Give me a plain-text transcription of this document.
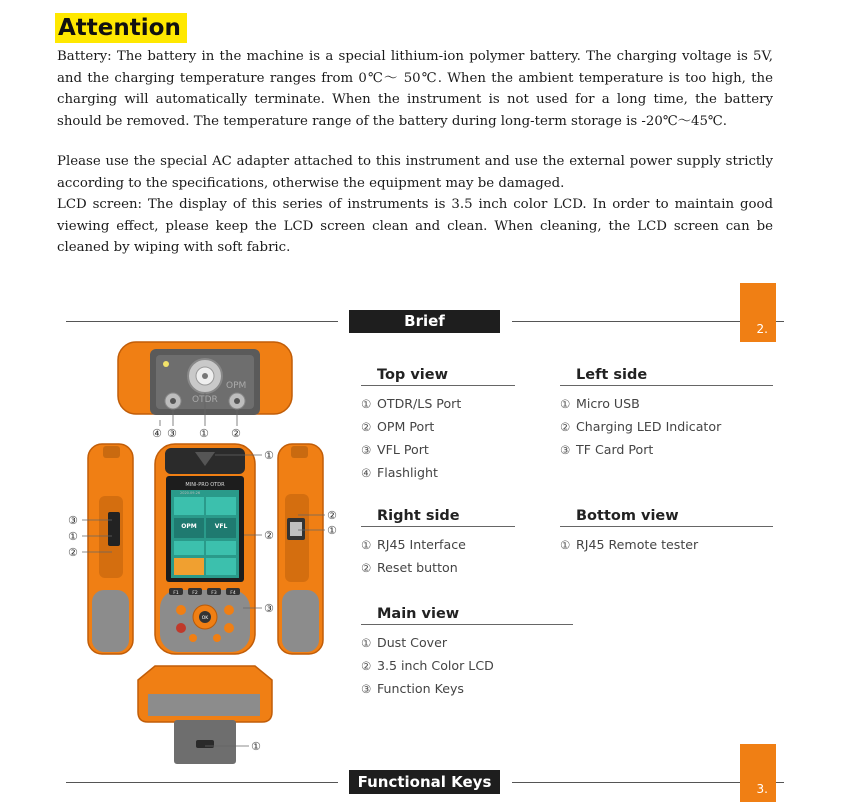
Attention

Battery: The battery in the machine is a special lithium-ion polymer battery. The charging voltage is 5V, and the charging temperature ranges from 0℃～ 50℃. When the ambient temperature is too high, the charging will automatically terminate. When the instrument is not used for a long time, the battery should be removed. The temperature range of the battery during long-term storage is -20℃～45℃.

Please use the special AC adapter attached to this instrument and use the external power supply strictly according to the specifications, otherwise the equipment may be damaged.

LCD screen: The display of this series of instruments is 3.5 inch color LCD. In order to maintain good viewing effect, please keep the LCD screen clean and clean. When cleaning, the LCD screen can be cleaned by wiping with soft fabric.

Brief	2.
Top view
① OTDR/LS Port
② OPM Port
③ VFL Port
④ Flashlight
Left side
① Micro USB
② Charging LED Indicator
③ TF Card Port
Right side
① RJ45 Interface
② Reset button
Bottom view
① RJ45 Remote tester
Main view
① Dust Cover
② 3.5 inch Color LCD
③ Function Keys
OPM
OTDR
MINI-PRO OTDR
2020.09.26
OPM	VFL
F1	F2	F3	F4
OK
④ ③ ① ②
①
②
③
③
①
②
②
①
①
Functional Keys	3.
